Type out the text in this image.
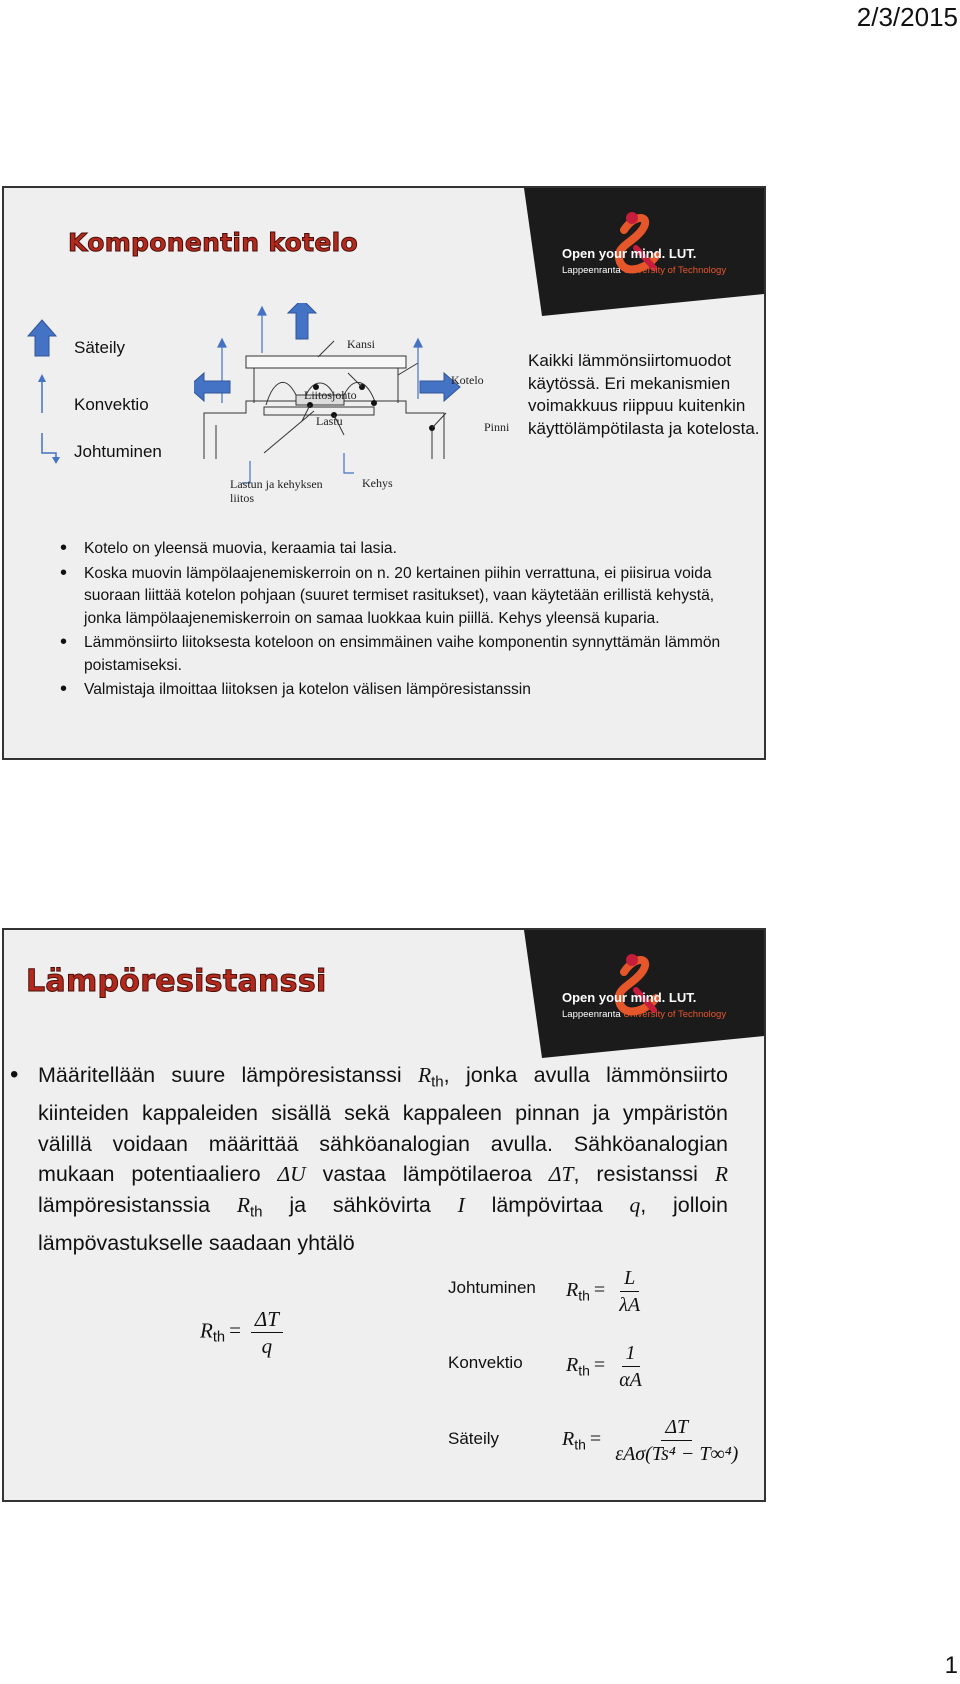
2/3/2015
Open your mind. LUT.
Lappeenranta University of Technology
Komponentin kotelo
Säteily
Konvektio
Johtuminen
Kansi
Liitosjohto
Lastu
Kotelo
Pinni
Kehys
Lastun ja kehyksen
liitos
Kaikki lämmönsiirtomuodot käytössä. Eri mekanismien voimakkuus riippuu kuitenkin käyttölämpötilasta ja kotelosta.
• Kotelo on yleensä muovia, keraamia tai lasia.
• Koska muovin lämpölaajenemiskerroin on n. 20 kertainen piihin verrattuna, ei piisirua voida suoraan liittää kotelon pohjaan (suuret termiset rasitukset), vaan käytetään erillistä kehystä, jonka lämpölaajenemiskerroin on samaa luokkaa kuin piillä. Kehys yleensä kuparia.
• Lämmönsiirto liitoksesta koteloon on ensimmäinen vaihe komponentin synnyttämän lämmön poistamiseksi.
• Valmistaja ilmoittaa liitoksen ja kotelon välisen lämpöresistanssin
Open your mind. LUT.
Lappeenranta University of Technology
Lämpöresistanssi
• Määritellään suure lämpöresistanssi $R_{th}$, jonka avulla lämmönsiirto kiinteiden kappaleiden sisällä sekä kappaleen pinnan ja ympäristön välillä voidaan määrittää sähköanalogian avulla. Sähköanalogian mukaan potentiaaliero ΔU vastaa lämpötilaeroa ΔT, resistanssi R lämpöresistanssia $R_{th}$ ja sähkövirta I lämpövirtaa q, jolloin lämpövastukselle saadaan yhtälö
$R_{th} = \frac{\Delta T}{q}$
Johtuminen $R_{th} = \frac{L}{\lambda A}$
Konvektio $R_{th} = \frac{1}{\alpha A}$
Säteily	$R_{th} = \frac{\Delta T}{\text{εAσ(Ts⁴ − T∞⁴)}}$
1
